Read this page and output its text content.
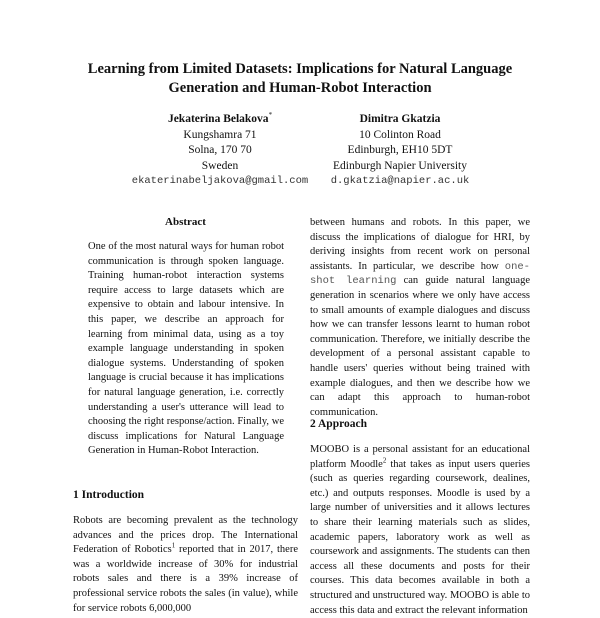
Learning from Limited Datasets: Implications for Natural Language
Generation and Human-Robot Interaction
Jekaterina Belakova*
Kungshamra 71
Solna, 170 70
Sweden
ekaterinabeljakova@gmail.com
Dimitra Gkatzia
10 Colinton Road
Edinburgh, EH10 5DT
Edinburgh Napier University
d.gkatzia@napier.ac.uk
Abstract
One of the most natural ways for human robot communication is through spoken language. Training human-robot interaction systems require access to large datasets which are expensive to obtain and labour intensive. In this paper, we describe an approach for learning from minimal data, using as a toy example language understanding in spoken dialogue systems. Understanding of spoken language is crucial because it has implications for natural language generation, i.e. correctly understanding a user's utterance will lead to choosing the right response/action. Finally, we discuss implications for Natural Language Generation in Human-Robot Interaction.
1 Introduction

Robots are becoming prevalent as the technology advances and the prices drop. The International Federation of Robotics$^1$ reported that in 2017, there was a worldwide increase of 30% for industrial robots sales and there is a 39% increase of professional service robots the sales (in value), while for service robots 6,000,000

between humans and robots. In this paper, we discuss the implications of dialogue for HRI, by deriving insights from recent work on personal assistants. In particular, we describe how one-shot learning can guide natural language generation in scenarios where we only have access to small amounts of example dialogues and discuss how we can transfer lessons learnt to human robot communication. Therefore, we initially describe the development of a personal assistant capable to handle users' queries without being trained with example dialogues, and then we describe how we can adapt this approach to human-robot communication.

2 Approach

MOOBO is a personal assistant for an educational platform Moodle$^2$ that takes as input users queries (such as queries regarding coursework, dealines, etc.) and outputs responses. Moodle is used by a large number of universities and it allows lectures to share their learning materials such as slides, academic papers, laboratory work as well as coursework and assignments. The students can then access all these documents and posts for their courses. This data becomes available in both a structured and unstructured way. MOOBO is able to access this data and extract the relevant information
